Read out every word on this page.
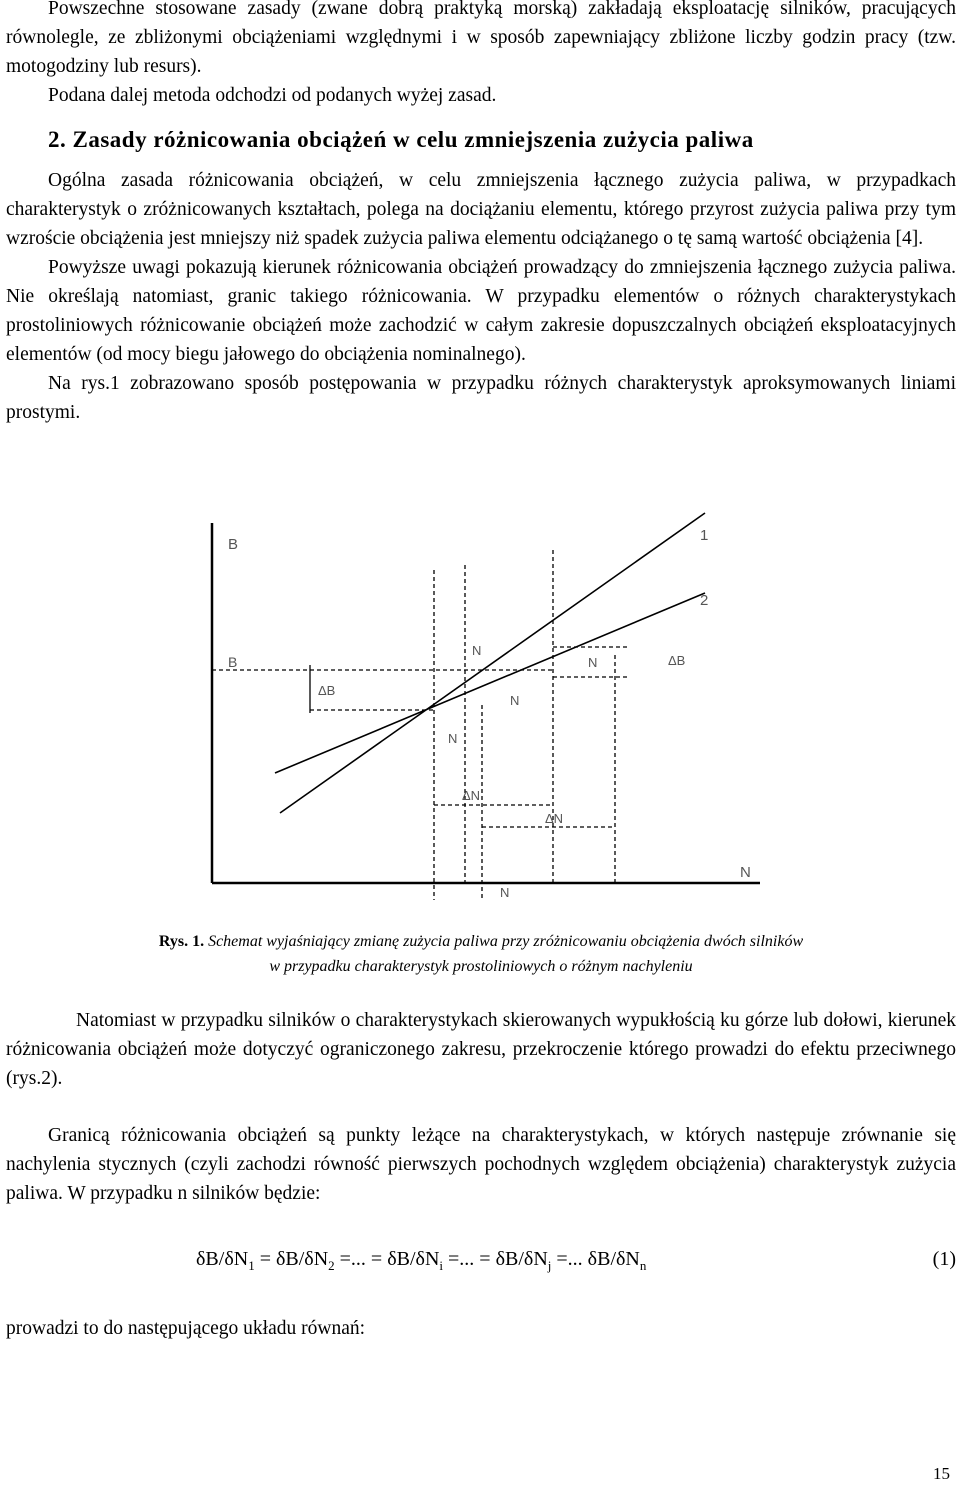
Powszechne stosowane zasady (zwane dobrą praktyką morską) zakładają eksploatację silników, pracujących równolegle, ze zbliżonymi obciążeniami względnymi i w sposób zapewniający zbliżone liczby godzin pracy (tzw. motogodziny lub resurs).
Podana dalej metoda odchodzi od podanych wyżej zasad.
2. Zasady różnicowania obciążeń w celu zmniejszenia zużycia paliwa
Ogólna zasada różnicowania obciążeń, w celu zmniejszenia łącznego zużycia paliwa, w przypadkach charakterystyk o zróżnicowanych kształtach, polega na dociążaniu elementu, którego przyrost zużycia paliwa przy tym wzroście obciążenia jest mniejszy niż spadek zużycia paliwa elementu odciążanego o tę samą wartość obciążenia [4].
Powyższe uwagi pokazują kierunek różnicowania obciążeń prowadzący do zmniejszenia łącznego zużycia paliwa. Nie określają natomiast, granic takiego różnicowania. W przypadku elementów o różnych charakterystykach prostoliniowych różnicowanie obciążeń może zachodzić w całym zakresie dopuszczalnych obciążeń eksploatacyjnych elementów (od mocy biegu jałowego do obciążenia nominalnego).
Na rys.1 zobrazowano sposób postępowania w przypadku różnych charakterystyk aproksymowanych liniami prostymi.
B
1
2
B
ΔB
ΔB
N
N
N
N
ΔN
ΔN
N
N
Rys. 1. Schemat wyjaśniający zmianę zużycia paliwa przy zróżnicowaniu obciążenia dwóch silników
w przypadku charakterystyk prostoliniowych o różnym nachyleniu
Natomiast w przypadku silników o charakterystykach skierowanych wypukłością ku górze lub dołowi, kierunek różnicowania obciążeń może dotyczyć ograniczonego zakresu, przekroczenie którego prowadzi do efektu przeciwnego (rys.2).
Granicą różnicowania obciążeń są punkty leżące na charakterystykach, w których następuje zrównanie się nachylenia stycznych (czyli zachodzi równość pierwszych pochodnych względem obciążenia) charakterystyk zużycia paliwa. W przypadku n silników będzie:
$\delta B/\delta N_1 = \delta B/\delta N_2$ =... = $\delta B/\delta N_i$ =... = $\delta B/\delta N_j$ =... $\delta B/\delta N_n$	(1)
prowadzi to do następującego układu równań:
15
